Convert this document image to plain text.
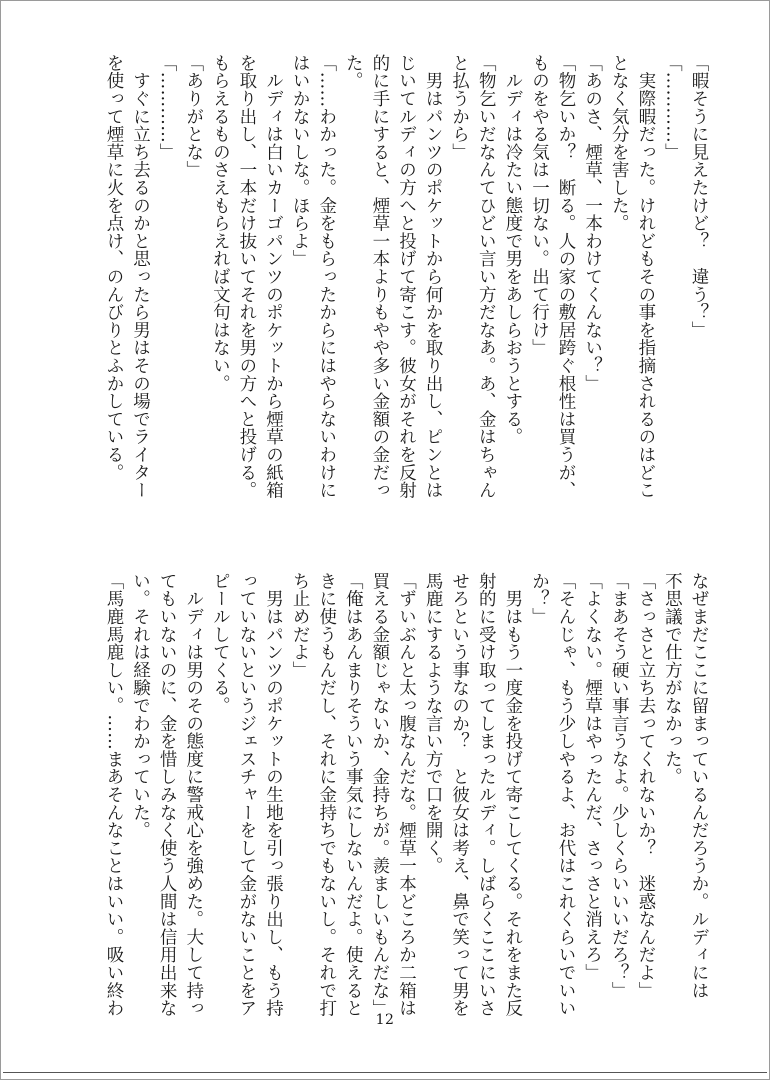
「暇そうに見えたけど？　違う？」

「…………」

　実際暇だった。けれどもその事を指摘されるのはどこ

となく気分を害した。

「あのさ、煙草、一本わけてくんない？」

「物乞いか？　断る。人の家の敷居跨ぐ根性は買うが、

ものをやる気は一切ない。出て行け」

　ルディは冷たい態度で男をあしらおうとする。

「物乞いだなんてひどい言い方だなあ。あ、金はちゃん

と払うから」

　男はパンツのポケットから何かを取り出し、ピンとは

じいてルディの方へと投げて寄こす。彼女がそれを反射

的に手にすると、煙草一本よりもやや多い金額の金だっ

た。

「……わかった。金をもらったからにはやらないわけに

はいかないしな。ほらよ」

　ルディは白いカーゴパンツのポケットから煙草の紙箱

を取り出し、一本だけ抜いてそれを男の方へと投げる。

もらえるものさえもらえれば文句はない。

「ありがとな」

「…………」

　すぐに立ち去るのかと思ったら男はその場でライター

を使って煙草に火を点け、のんびりとふかしている。

なぜまだここに留まっているんだろうか。ルディには

不思議で仕方がなかった。

「さっさと立ち去ってくれないか？　迷惑なんだよ」

「まあそう硬い事言うなよ。少しくらいいいだろ？」

「よくない。煙草はやったんだ、さっさと消えろ」

「そんじゃ、もう少しやるよ、お代はこれくらいでいい

か？」

　男はもう一度金を投げて寄こしてくる。それをまた反

射的に受け取ってしまったルディ。しばらくここにいさ

せろという事なのか？　と彼女は考え、鼻で笑って男を

馬鹿にするような言い方で口を開く。

「ずいぶんと太っ腹なんだな。煙草一本どころか二箱は

買える金額じゃないか、金持ちが。羨ましいもんだな」

「俺はあんまりそういう事気にしないんだよ。使えると

きに使うもんだし、それに金持ちでもないし。それで打

ち止めだよ」

　男はパンツのポケットの生地を引っ張り出し、もう持

っていないというジェスチャーをして金がないことをア

ピールしてくる。

　ルディは男のその態度に警戒心を強めた。大して持っ

てもいないのに、金を惜しみなく使う人間は信用出来な

い。それは経験でわかっていた。

「馬鹿馬鹿しい。……まあそんなことはいい。吸い終わ

12
